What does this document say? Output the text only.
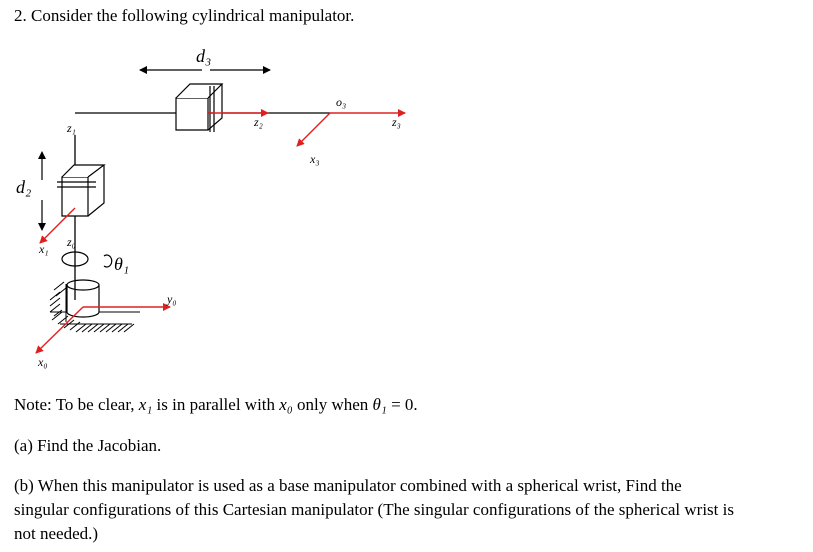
2. Consider the following cylindrical manipulator.
d₃
d₂
o₃
z₁	z₂	z₃
x₃
x₁ z₀
θ₁
y₀
x₀
Note: To be clear, x₁ is in parallel with x₀ only when θ₁ = 0.
(a) Find the Jacobian.
(b) When this manipulator is used as a base manipulator combined with a spherical wrist, Find the
singular configurations of this Cartesian manipulator (The singular configurations of the spherical wrist is
not needed.)
